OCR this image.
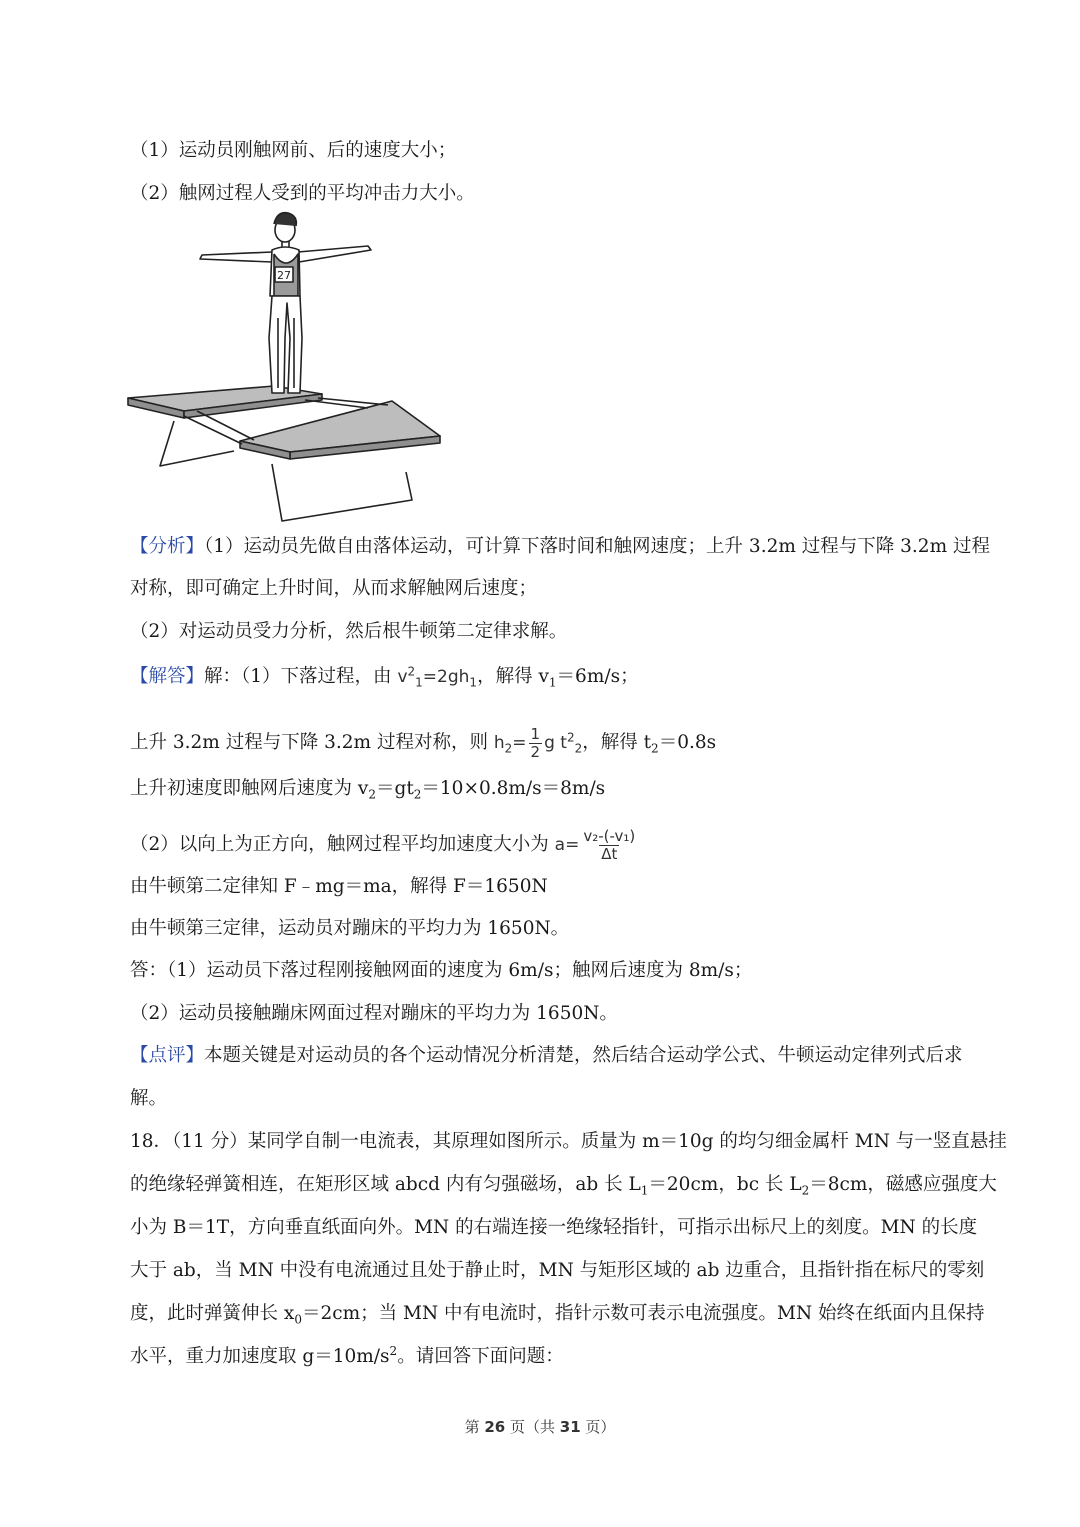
（1）运动员刚触网前、后的速度大小；
（2）触网过程人受到的平均冲击力大小。
27
【分析】（1）运动员先做自由落体运动，可计算下落时间和触网速度；上升 3.2m 过程与下降 3.2m 过程
对称，即可确定上升时间，从而求解触网后速度；
（2）对运动员受力分析，然后根牛顿第二定律求解。
【解答】解：（1）下落过程，由 $v^2_1=2gh_1$，解得 $v_1=6m/s$；
上升 3.2m 过程与下降 3.2m 过程对称，则 $h_2= \frac{1}{2}$ g $t^2_2$，解得 $t_2=0.8s$
上升初速度即触网后速度为 $v_2=gt_2=10\times 0.8m/s=8m/s$
（2）以向上为正方向，触网过程平均加速度大小为 $a= \frac{\text{v₂-(-v₁)}}{\Delta t}$
由牛顿第二定律知 F﹣mg＝ma，解得 F＝1650N
由牛顿第三定律，运动员对蹦床的平均力为 1650N。
答：（1）运动员下落过程刚接触网面的速度为 6m/s；触网后速度为 8m/s；
（2）运动员接触蹦床网面过程对蹦床的平均力为 1650N。
【点评】本题关键是对运动员的各个运动情况分析清楚，然后结合运动学公式、牛顿运动定律列式后求
解。
18．（11 分）某同学自制一电流表，其原理如图所示。质量为 m＝10g 的均匀细金属杆 MN 与一竖直悬挂
的绝缘轻弹簧相连，在矩形区域 abcd 内有匀强磁场，ab 长 $L_1=20cm$，bc 长 $L_2=8cm$，磁感应强度大
小为 B＝1T，方向垂直纸面向外。MN 的右端连接一绝缘轻指针，可指示出标尺上的刻度。MN 的长度
大于 ab，当 MN 中没有电流通过且处于静止时，MN 与矩形区域的 ab 边重合，且指针指在标尺的零刻
度，此时弹簧伸长 $x_0=2cm$；当 MN 中有电流时，指针示数可表示电流强度。MN 始终在纸面内且保持
水平，重力加速度取 $g=10m/s^2$。请回答下面问题：
第 26 页（共 31 页）
